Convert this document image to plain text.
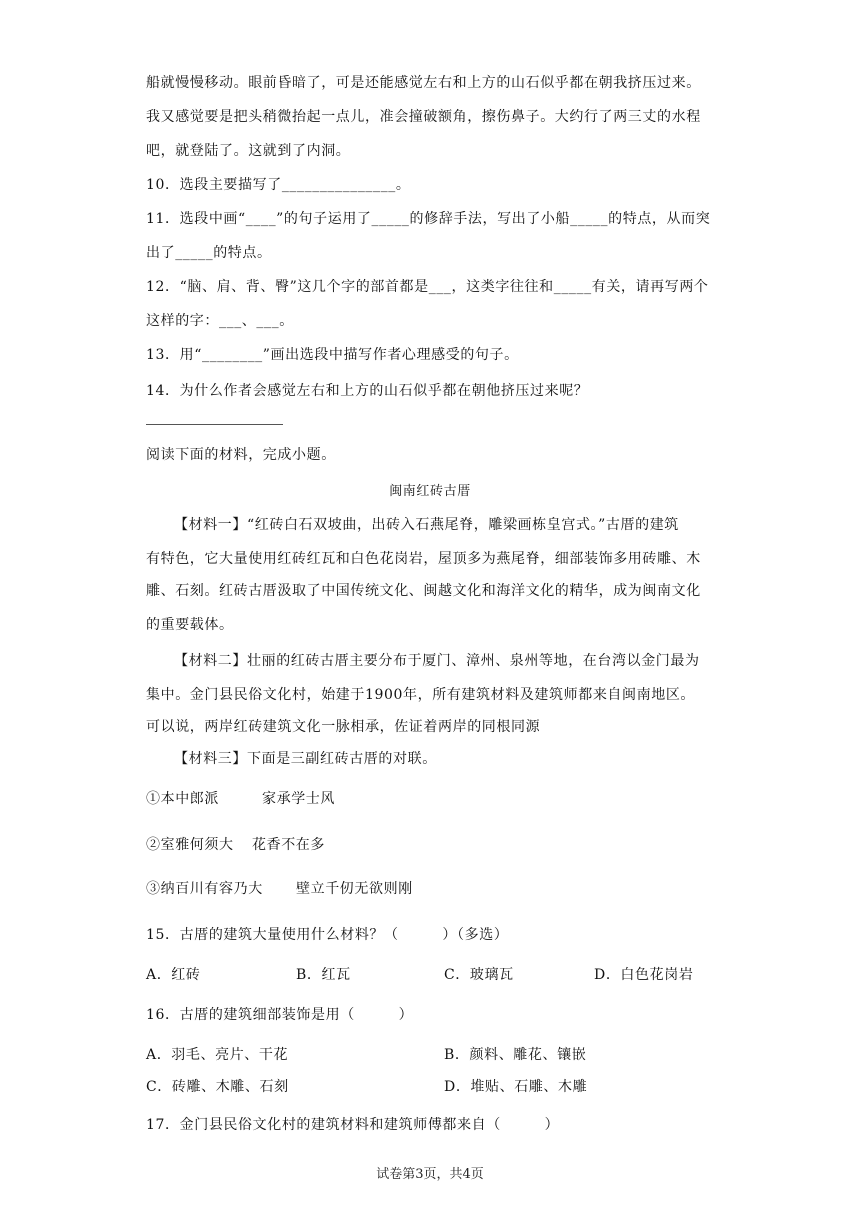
船就慢慢移动。眼前昏暗了，可是还能感觉左右和上方的山石似乎都在朝我挤压过来。
我又感觉要是把头稍微抬起一点儿，准会撞破额角，擦伤鼻子。大约行了两三丈的水程
吧，就登陆了。这就到了内洞。
10．选段主要描写了_______________。
11．选段中画“____”的句子运用了_____的修辞手法，写出了小船_____的特点，从而突
出了_____的特点。
12．“脑、肩、背、臀”这几个字的部首都是___，这类字往往和_____有关，请再写两个
这样的字：___、___。
13．用“________”画出选段中描写作者心理感受的句子。
14．为什么作者会感觉左右和上方的山石似乎都在朝他挤压过来呢？
阅读下面的材料，完成小题。
闽南红砖古厝
【材料一】“红砖白石双坡曲，出砖入石燕尾脊，雕梁画栋皇宫式。”古厝的建筑
有特色，它大量使用红砖红瓦和白色花岗岩，屋顶多为燕尾脊，细部装饰多用砖雕、木
雕、石刻。红砖古厝汲取了中国传统文化、闽越文化和海洋文化的精华，成为闽南文化
的重要载体。
【材料二】壮丽的红砖古厝主要分布于厦门、漳州、泉州等地，在台湾以金门最为
集中。金门县民俗文化村，始建于1900年，所有建筑材料及建筑师都来自闽南地区。
可以说，两岸红砖建筑文化一脉相承，佐证着两岸的同根同源
【材料三】下面是三副红砖古厝的对联。
①本中郎派	家承学士风
②室雅何须大 花香不在多
③纳百川有容乃大 壁立千仞无欲则刚
15．古厝的建筑大量使用什么材料？（　　　）（多选）
A．红砖	B．红瓦	C．玻璃瓦	D．白色花岗岩
16．古厝的建筑细部装饰是用（　　　）
A．羽毛、亮片、干花	B．颜料、雕花、镶嵌
C．砖雕、木雕、石刻	D．堆贴、石雕、木雕
17．金门县民俗文化村的建筑材料和建筑师傅都来自（　　　）
试卷第3页，共4页
